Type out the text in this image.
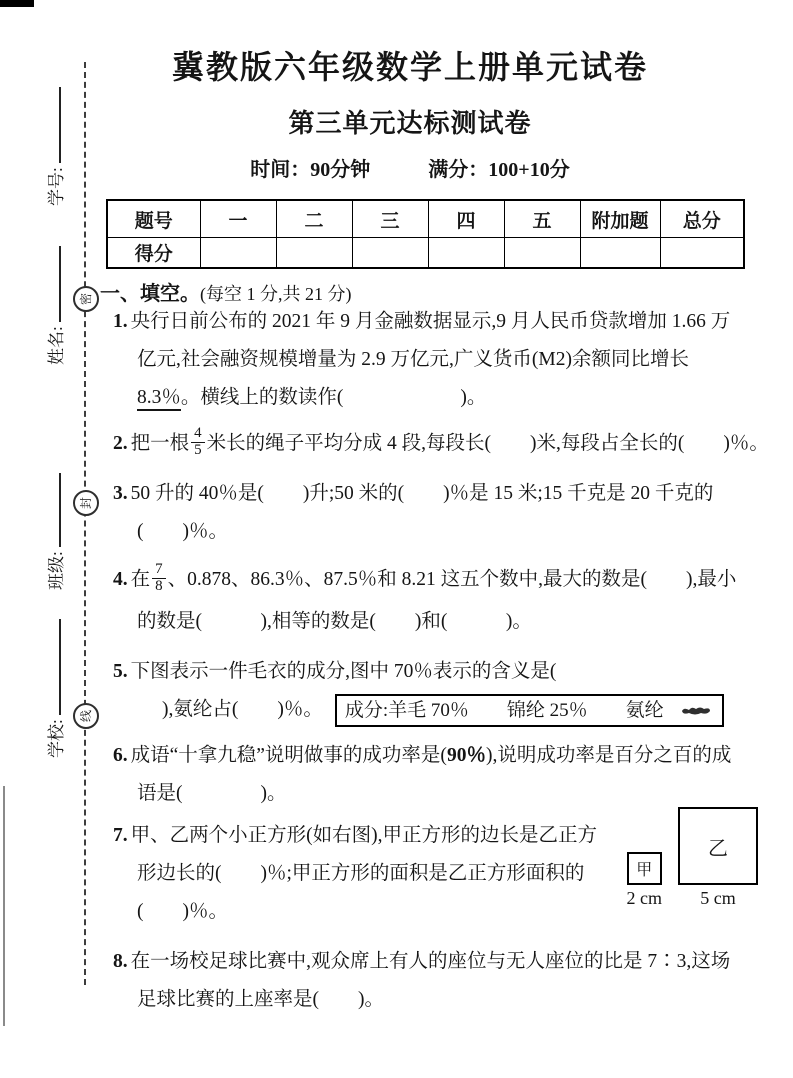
密
封
线
学号:
姓名:
班级:
学校:
冀教版六年级数学上册单元试卷
第三单元达标测试卷
时间：90分钟	满分：100+10分
题号	一	二	三	四	五	附加题	总分
得分							
一、填空。(每空 1 分,共 21 分)
1. 央行日前公布的 2021 年 9 月金融数据显示,9 月人民币贷款增加 1.66 万
亿元,社会融资规模增量为 2.9 万亿元,广义货币(M2)余额同比增长
8.3％。横线上的数读作(　　　　　　)。
2. 把一根 $\frac{4}{5}$ 米长的绳子平均分成 4 段,每段长(　　)米,每段占全长的(　　)％。
3. 50 升的 40％是(　　)升;50 米的(　　)％是 15 米;15 千克是 20 千克的
(　　)％。
4. 在 $\frac{7}{8}$ 、0.878、86.3％、87.5％和 8.21 这五个数中,最大的数是(　　),最小
的数是(　　　),相等的数是(　　)和(　　　)。
5. 下图表示一件毛衣的成分,图中 70％表示的含义是(
),氨纶占(　　)％。 成分:羊毛 70％　　锦纶 25％　　氨纶
6. 成语“十拿九稳”说明做事的成功率是(90％),说明成功率是百分之百的成
语是(　　　　)。
甲
2 cm
乙
5 cm
7. 甲、乙两个小正方形(如右图),甲正方形的边长是乙正方
形边长的(　　)％;甲正方形的面积是乙正方形面积的
(　　)％。
8. 在一场校足球比赛中,观众席上有人的座位与无人座位的比是 7∶3,这场
足球比赛的上座率是(　　)。
